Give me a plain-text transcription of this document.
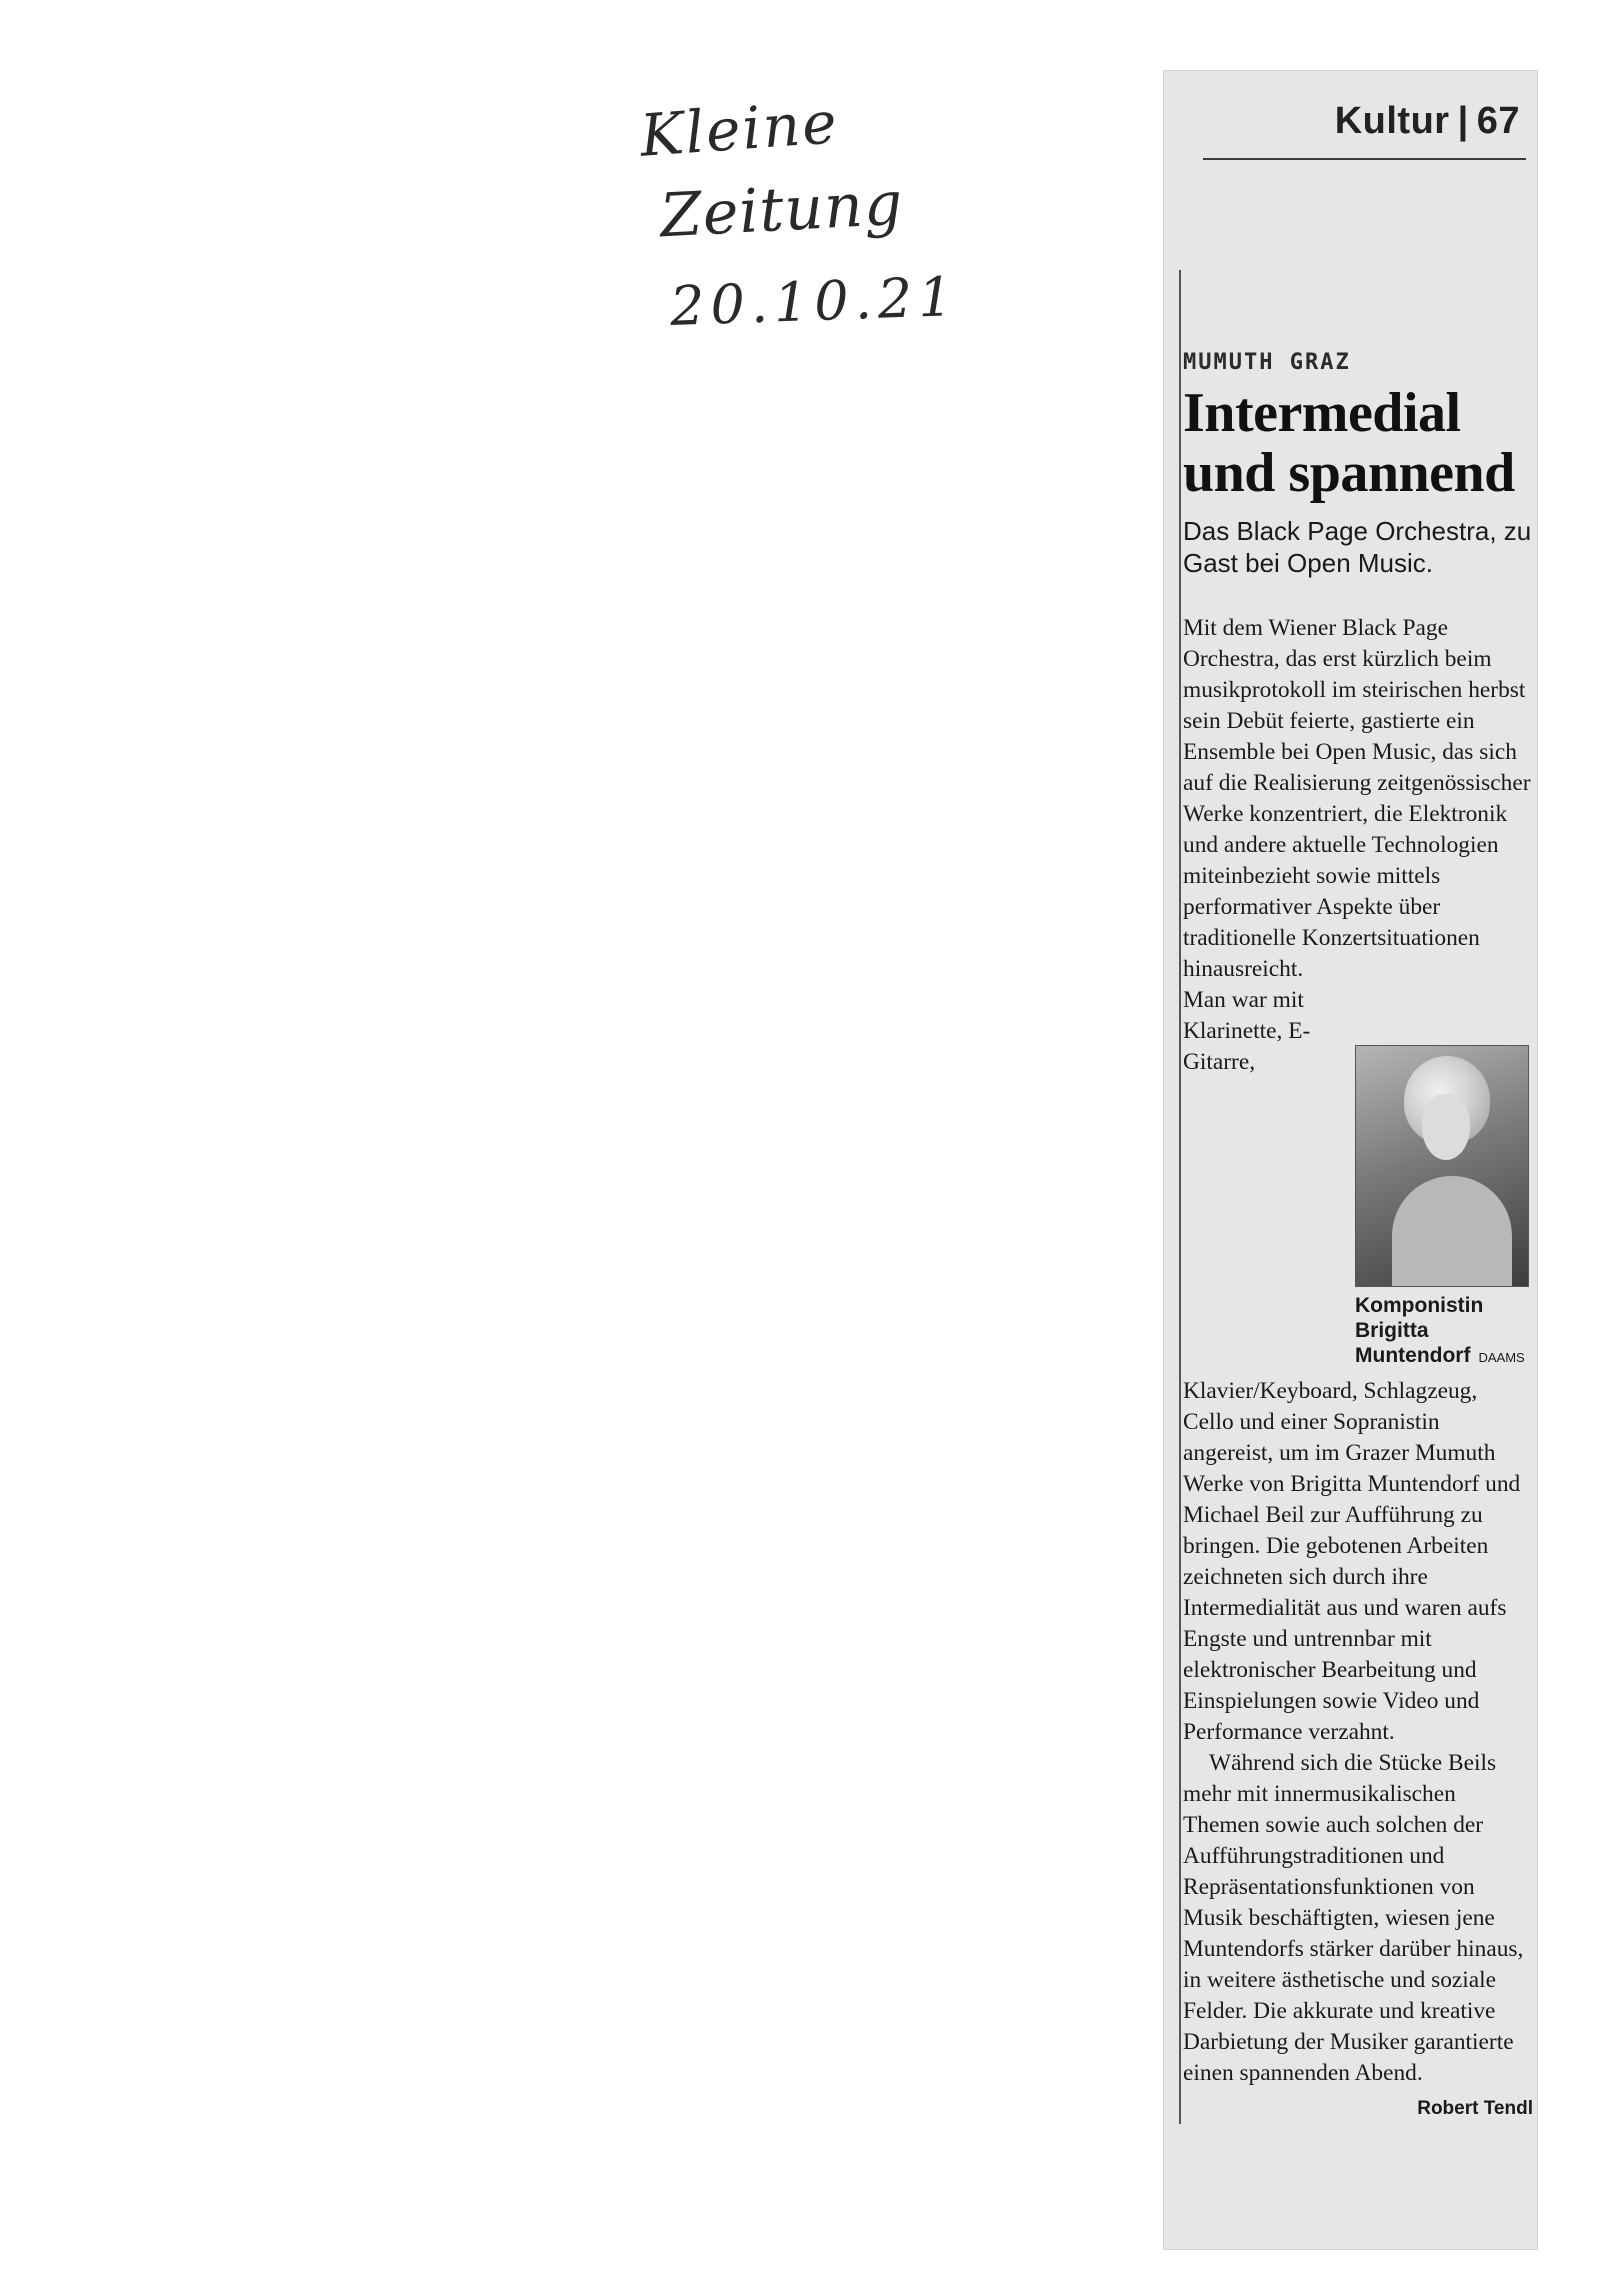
Kleine
Zeitung
20.10.21
Kultur | 67
MUMUTH GRAZ
Intermedial und spannend
Das Black Page Orchestra, zu Gast bei Open Music.

Mit dem Wiener Black Page Orchestra, das erst kürzlich beim musikprotokoll im steirischen herbst sein Debüt feierte, gastierte ein Ensemble bei Open Music, das sich auf die Realisierung zeitgenössischer Werke konzentriert, die Elektronik und andere aktuelle Technologien miteinbezieht sowie mittels performativer Aspekte über traditionelle Konzertsituationen hinausreicht.

Komponistin Brigitta Muntendorf DAAMS

Man war mit Klarinette, E-Gitarre, Klavier/Keyboard, Schlagzeug, Cello und einer Sopranistin angereist, um im Grazer Mumuth Werke von Brigitta Muntendorf und Michael Beil zur Aufführung zu bringen. Die gebotenen Arbeiten zeichneten sich durch ihre Intermedialität aus und waren aufs Engste und untrennbar mit elektronischer Bearbeitung und Einspielungen sowie Video und Performance verzahnt.

Während sich die Stücke Beils mehr mit innermusikalischen Themen sowie auch solchen der Aufführungstraditionen und Repräsentationsfunktionen von Musik beschäftigten, wiesen jene Muntendorfs stärker darüber hinaus, in weitere ästhetische und soziale Felder. Die akkurate und kreative Darbietung der Musiker garantierte einen spannenden Abend.

Robert Tendl
